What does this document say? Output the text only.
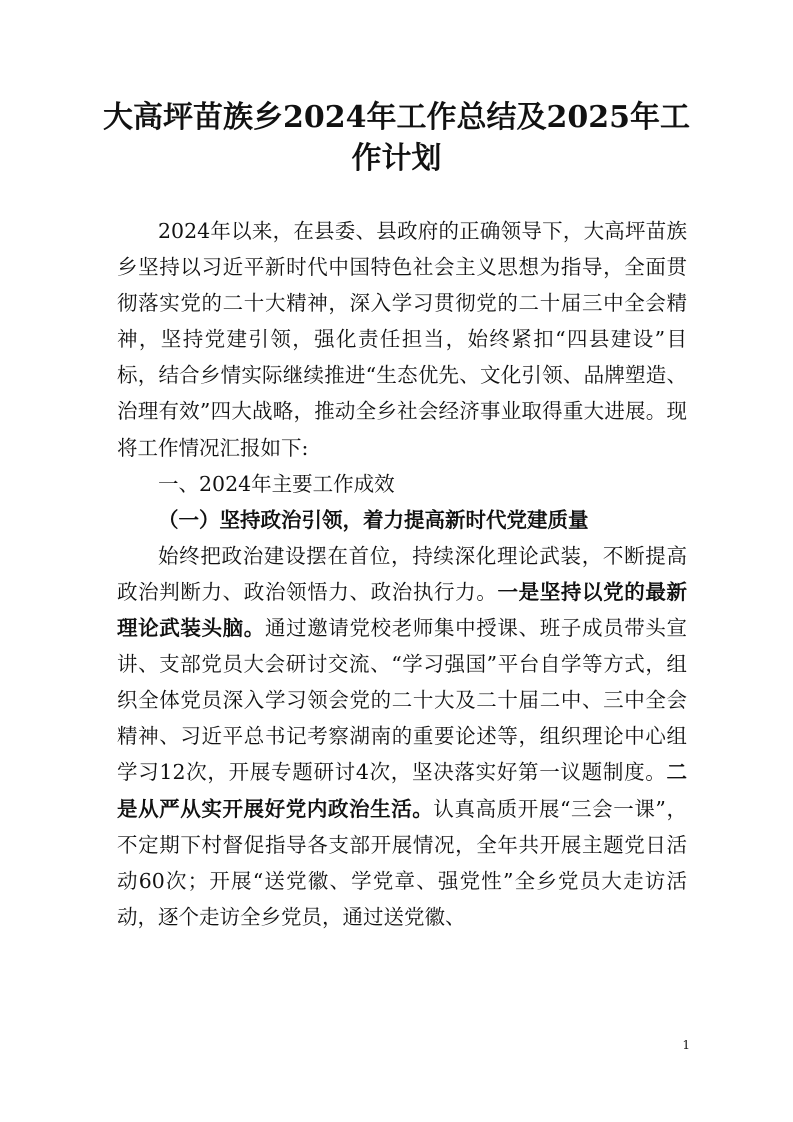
大高坪苗族乡2024年工作总结及2025年工
作计划

2024年以来，在县委、县政府的正确领导下，大高坪苗族乡坚持以习近平新时代中国特色社会主义思想为指导，全面贯彻落实党的二十大精神，深入学习贯彻党的二十届三中全会精神，坚持党建引领，强化责任担当，始终紧扣“四县建设”目标，结合乡情实际继续推进“生态优先、文化引领、品牌塑造、治理有效”四大战略，推动全乡社会经济事业取得重大进展。现将工作情况汇报如下:

一、2024年主要工作成效

（一）坚持政治引领，着力提高新时代党建质量

始终把政治建设摆在首位，持续深化理论武装，不断提高政治判断力、政治领悟力、政治执行力。一是坚持以党的最新理论武装头脑。通过邀请党校老师集中授课、班子成员带头宣讲、支部党员大会研讨交流、“学习强国”平台自学等方式，组织全体党员深入学习领会党的二十大及二十届二中、三中全会精神、习近平总书记考察湖南的重要论述等，组织理论中心组学习12次，开展专题研讨4次，坚决落实好第一议题制度。二是从严从实开展好党内政治生活。认真高质开展“三会一课”，不定期下村督促指导各支部开展情况，全年共开展主题党日活动60次；开展“送党徽、学党章、强党性”全乡党员大走访活动，逐个走访全乡党员，通过送党徽、

1
